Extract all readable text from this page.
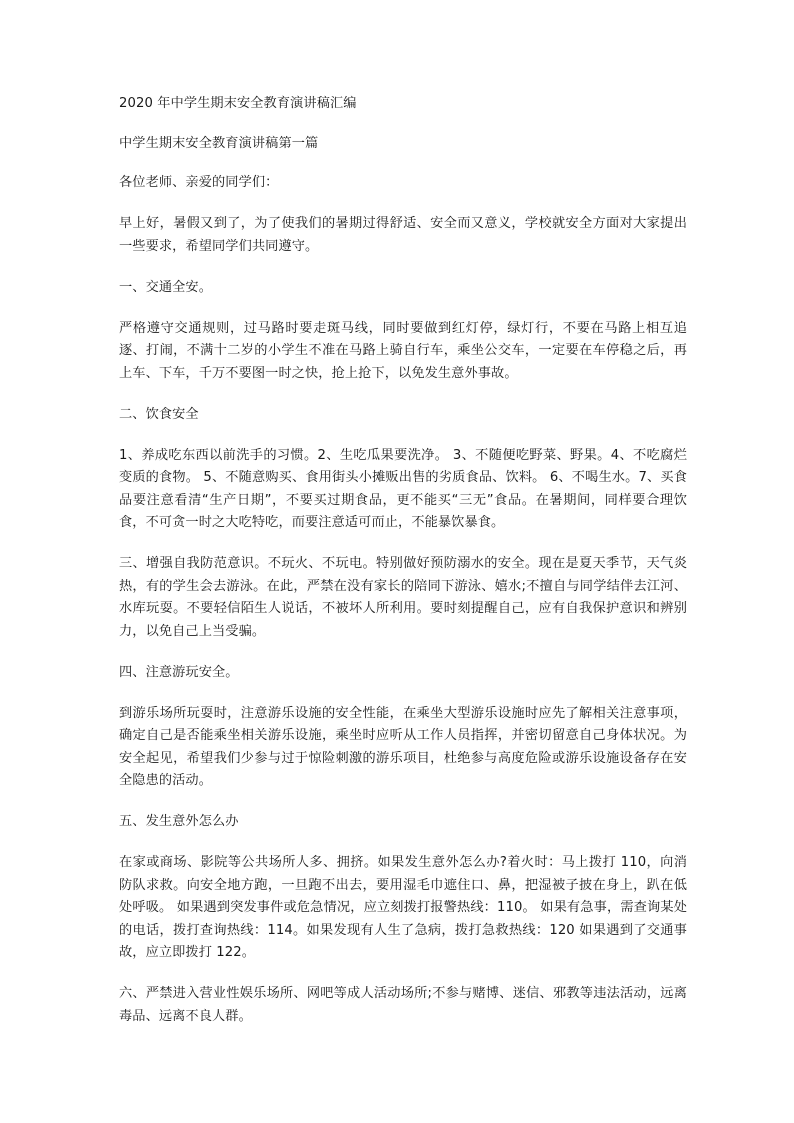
2020 年中学生期末安全教育演讲稿汇编

中学生期末安全教育演讲稿第一篇

各位老师、亲爱的同学们：

早上好，暑假又到了，为了使我们的暑期过得舒适、安全而又意义，学校就安全方面对大家提出一些要求，希望同学们共同遵守。

一、交通全安。

严格遵守交通规则，过马路时要走斑马线，同时要做到红灯停，绿灯行，不要在马路上相互追逐、打闹，不满十二岁的小学生不准在马路上骑自行车，乘坐公交车，一定要在车停稳之后，再上车、下车，千万不要图一时之快，抢上抢下，以免发生意外事故。

二、饮食安全

1、养成吃东西以前洗手的习惯。2、生吃瓜果要洗净。 3、不随便吃野菜、野果。4、不吃腐烂变质的食物。 5、不随意购买、食用街头小摊贩出售的劣质食品、饮料。 6、不喝生水。7、买食品要注意看清“生产日期”，不要买过期食品，更不能买“三无”食品。在暑期间，同样要合理饮食，不可贪一时之大吃特吃，而要注意适可而止，不能暴饮暴食。

三、增强自我防范意识。不玩火、不玩电。特别做好预防溺水的安全。现在是夏天季节，天气炎热，有的学生会去游泳。在此，严禁在没有家长的陪同下游泳、嬉水;不擅自与同学结伴去江河、水库玩耍。不要轻信陌生人说话，不被坏人所利用。要时刻提醒自己，应有自我保护意识和辨别力，以免自己上当受骗。

四、注意游玩安全。

到游乐场所玩耍时，注意游乐设施的安全性能，在乘坐大型游乐设施时应先了解相关注意事项，确定自己是否能乘坐相关游乐设施，乘坐时应听从工作人员指挥，并密切留意自己身体状况。为安全起见，希望我们少参与过于惊险刺激的游乐项目，杜绝参与高度危险或游乐设施设备存在安全隐患的活动。

五、发生意外怎么办

在家或商场、影院等公共场所人多、拥挤。如果发生意外怎么办?着火时：马上拨打 110，向消防队求救。向安全地方跑，一旦跑不出去，要用湿毛巾遮住口、鼻，把湿被子披在身上，趴在低处呼吸。 如果遇到突发事件或危急情况，应立刻拨打报警热线：110。 如果有急事，需查询某处的电话，拨打查询热线：114。如果发现有人生了急病，拨打急救热线：120 如果遇到了交通事故，应立即拨打 122。

六、严禁进入营业性娱乐场所、网吧等成人活动场所;不参与赌博、迷信、邪教等违法活动，远离毒品、远离不良人群。
